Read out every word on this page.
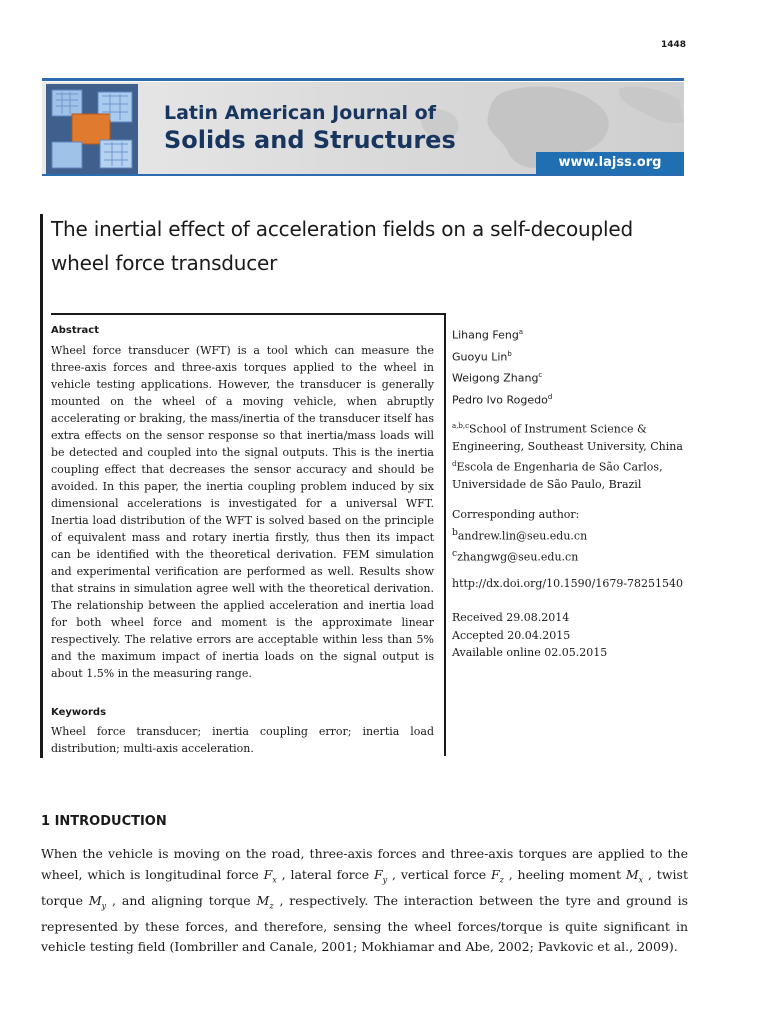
1448
Latin American Journal of
Solids and Structures
www.lajss.org
The inertial effect of acceleration fields on a self-decoupled wheel force transducer
Abstract
Wheel force transducer (WFT) is a tool which can measure the three-axis forces and three-axis torques applied to the wheel in vehicle testing applications. However, the transducer is generally mounted on the wheel of a moving vehicle, when abruptly accelerating or braking, the mass/inertia of the transducer itself has extra effects on the sensor response so that inertia/mass loads will be detected and coupled into the signal outputs. This is the inertia coupling effect that decreases the sensor accuracy and should be avoided. In this paper, the inertia coupling problem induced by six dimensional accelerations is investigated for a universal WFT. Inertia load distribution of the WFT is solved based on the principle of equivalent mass and rotary inertia firstly, thus then its impact can be identified with the theoretical derivation. FEM simulation and experimental verification are performed as well. Results show that strains in simulation agree well with the theoretical derivation. The relationship between the applied acceleration and inertia load for both wheel force and moment is the approximate linear respectively. The relative errors are acceptable within less than 5% and the maximum impact of inertia loads on the signal output is about 1.5% in the measuring range.
Keywords
Wheel force transducer; inertia coupling error; inertia load distribution; multi-axis acceleration.
Lihang Feng$^a$
Guoyu Lin$^b$
Weigong Zhang$^c$
Pedro Ivo Rogedo$^d$
$^{a,b,c}$School of Instrument Science & Engineering, Southeast University, China
$^d$Escola de Engenharia de São Carlos, Universidade de São Paulo, Brazil
Corresponding author:
$^b$andrew.lin@seu.edu.cn
$^c$zhangwg@seu.edu.cn
http://dx.doi.org/10.1590/1679-78251540
Received 29.08.2014
Accepted 20.04.2015
Available online 02.05.2015
1 INTRODUCTION
When the vehicle is moving on the road, three-axis forces and three-axis torques are applied to the wheel, which is longitudinal force $F_x$ , lateral force $F_y$ , vertical force $F_z$ , heeling moment $M_x$ , twist torque $M_y$ , and aligning torque $M_z$ , respectively. The interaction between the tyre and ground is represented by these forces, and therefore, sensing the wheel forces/torque is quite significant in vehicle testing field (Iombriller and Canale, 2001; Mokhiamar and Abe, 2002; Pavkovic et al., 2009).
